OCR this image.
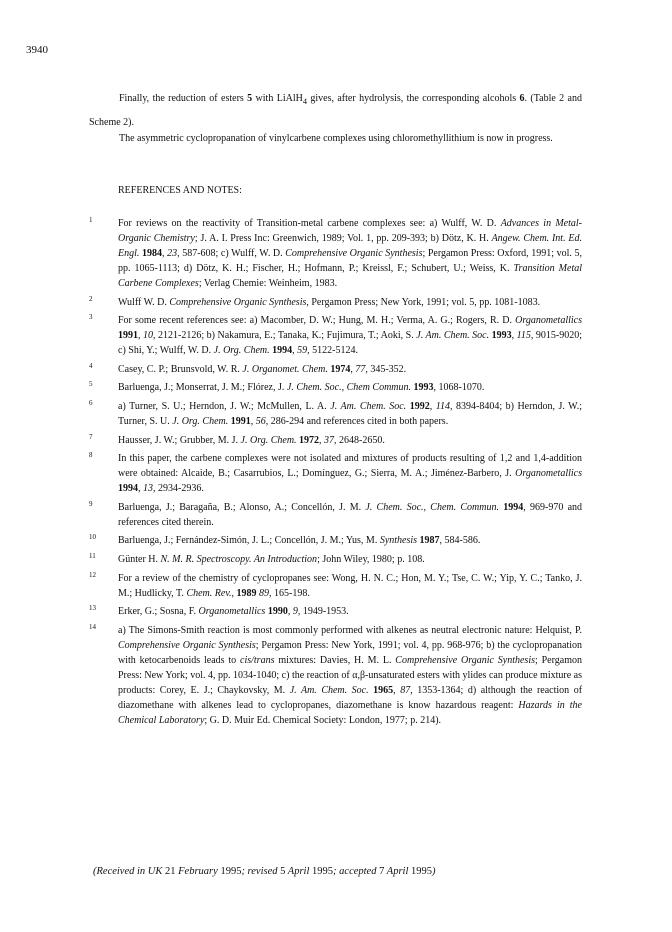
3940

Finally, the reduction of esters 5 with LiAlH$_4$ gives, after hydrolysis, the corresponding alcohols 6. (Table 2 and Scheme 2).

The asymmetric cyclopropanation of vinylcarbene complexes using chloromethyllithium is now in progress.

REFERENCES AND NOTES:
1	For reviews on the reactivity of Transition-metal carbene complexes see: a) Wulff, W. D. Advances in Metal-Organic Chemistry; J. A. I. Press Inc: Greenwich, 1989; Vol. 1, pp. 209-393; b) Dötz, K. H. Angew. Chem. Int. Ed. Engl. 1984, 23, 587-608; c) Wulff, W. D. Comprehensive Organic Synthesis; Pergamon Press: Oxford, 1991; vol. 5, pp. 1065-1113; d) Dötz, K. H.; Fischer, H.; Hofmann, P.; Kreissl, F.; Schubert, U.; Weiss, K. Transition Metal Carbene Complexes; Verlag Chemie: Weinheim, 1983.
2	Wulff W. D. Comprehensive Organic Synthesis, Pergamon Press; New York, 1991; vol. 5, pp. 1081-1083.
3	For some recent references see: a) Macomber, D. W.; Hung, M. H.; Verma, A. G.; Rogers, R. D. Organometallics 1991, 10, 2121-2126; b) Nakamura, E.; Tanaka, K.; Fujimura, T.; Aoki, S. J. Am. Chem. Soc. 1993, 115, 9015-9020; c) Shi, Y.; Wulff, W. D. J. Org. Chem. 1994, 59, 5122-5124.
4	Casey, C. P.; Brunsvold, W. R. J. Organomet. Chem. 1974, 77, 345-352.
5	Barluenga, J.; Monserrat, J. M.; Flórez, J. J. Chem. Soc., Chem Commun. 1993, 1068-1070.
6	a) Turner, S. U.; Herndon, J. W.; McMullen, L. A. J. Am. Chem. Soc. 1992, 114, 8394-8404; b) Herndon, J. W.; Turner, S. U. J. Org. Chem. 1991, 56, 286-294 and references cited in both papers.
7	Hausser, J. W.; Grubber, M. J. J. Org. Chem. 1972, 37, 2648-2650.
8	In this paper, the carbene complexes were not isolated and mixtures of products resulting of 1,2 and 1,4-addition were obtained: Alcaide, B.; Casarrubios, L.; Domínguez, G.; Sierra, M. A.; Jiménez-Barbero, J. Organometallics 1994, 13, 2934-2936.
9	Barluenga, J.; Baragaña, B.; Alonso, A.; Concellón, J. M. J. Chem. Soc., Chem. Commun. 1994, 969-970 and references cited therein.
10 Barluenga, J.; Fernández-Simón, J. L.; Concellón, J. M.; Yus, M. Synthesis 1987, 584-586.
11 Günter H. N. M. R. Spectroscopy. An Introduction; John Wiley, 1980; p. 108.
12 For a review of the chemistry of cyclopropanes see: Wong, H. N. C.; Hon, M. Y.; Tse, C. W.; Yip, Y. C.; Tanko, J. M.; Hudlicky, T. Chem. Rev., 1989 89, 165-198.
13 Erker, G.; Sosna, F. Organometallics 1990, 9, 1949-1953.
14 a) The Simons-Smith reaction is most commonly performed with alkenes as neutral electronic nature: Helquist, P. Comprehensive Organic Synthesis; Pergamon Press: New York, 1991; vol. 4, pp. 968-976; b) the cyclopropanation with ketocarbenoids leads to cis/trans mixtures: Davies, H. M. L. Comprehensive Organic Synthesis; Pergamon Press: New York; vol. 4, pp. 1034-1040; c) the reaction of α,β-unsaturated esters with ylides can produce mixture as products: Corey, E. J.; Chaykovsky, M. J. Am. Chem. Soc. 1965, 87, 1353-1364; d) although the reaction of diazomethane with alkenes lead to cyclopropanes, diazomethane is know hazardous reagent: Hazards in the Chemical Laboratory; G. D. Muir Ed. Chemical Society: London, 1977; p. 214).
(Received in UK 21 February 1995; revised 5 April 1995; accepted 7 April 1995)
